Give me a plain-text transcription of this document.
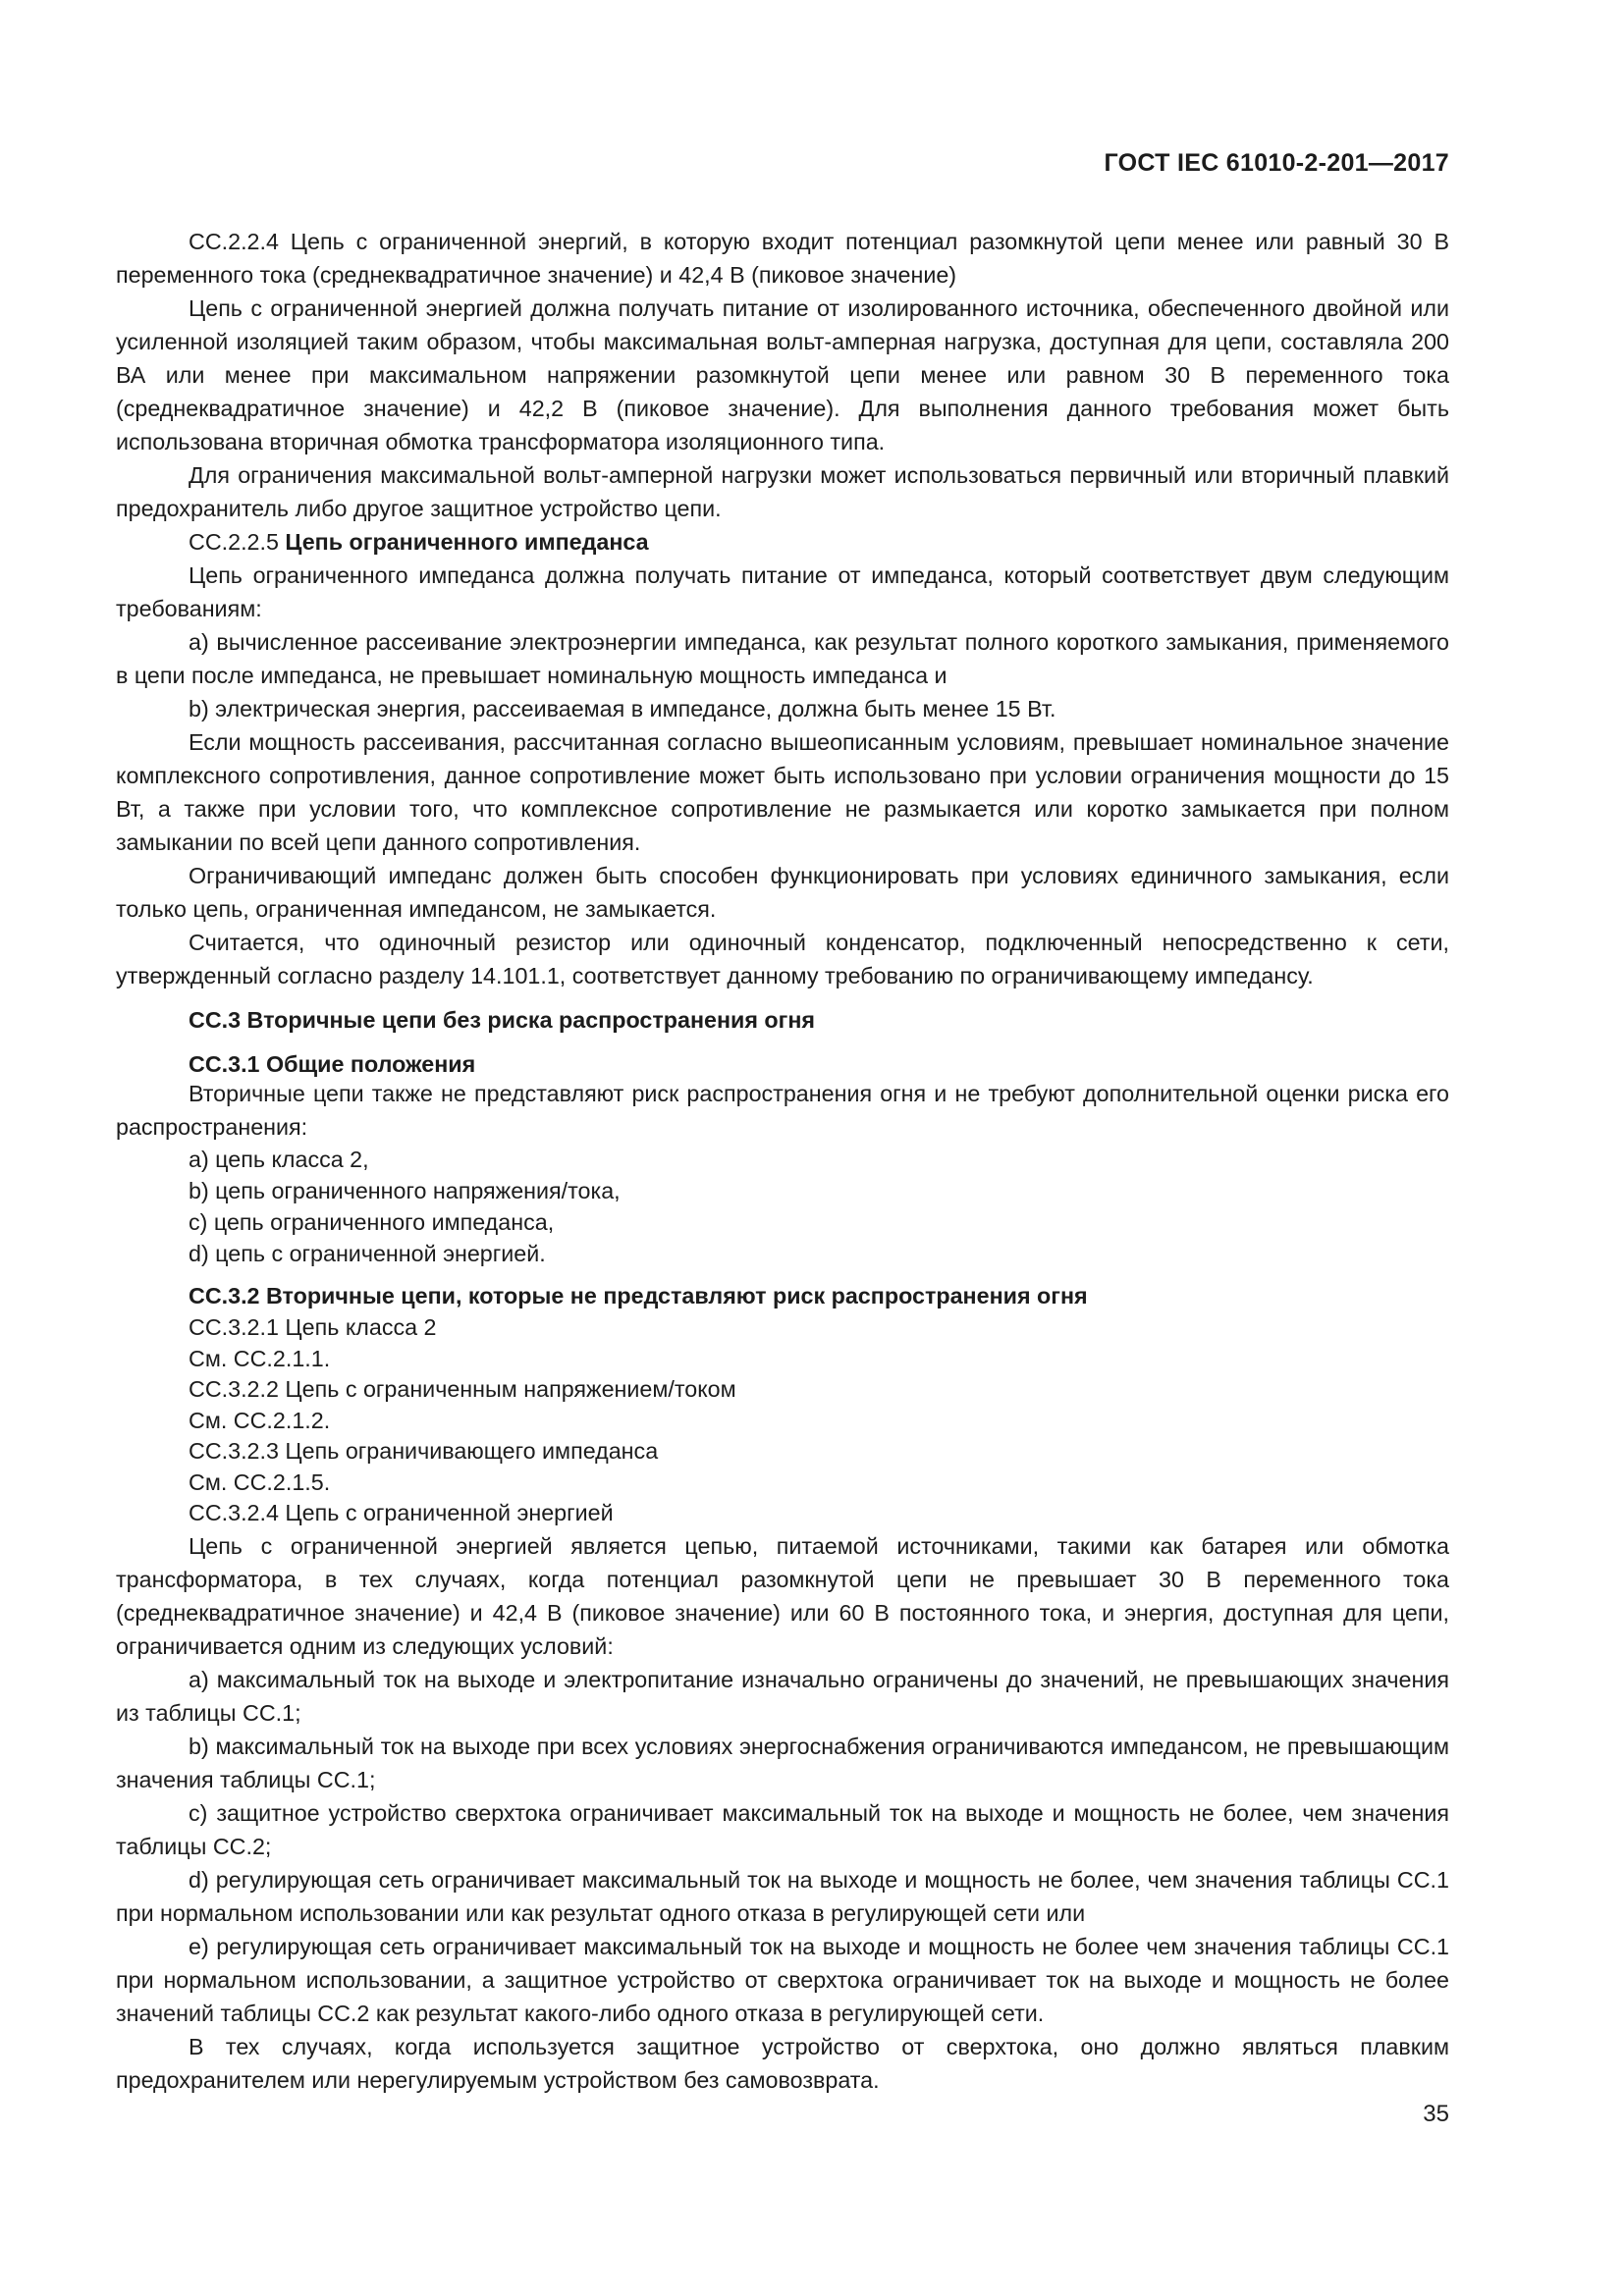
ГОСТ IEC 61010-2-201—2017

СС.2.2.4 Цепь с ограниченной энергий, в которую входит потенциал разомкнутой цепи менее или равный 30 В переменного тока (среднеквадратичное значение) и 42,4 В (пиковое значение)

Цепь с ограниченной энергией должна получать питание от изолированного источника, обеспеченного двойной или усиленной изоляцией таким образом, чтобы максимальная вольт-амперная нагрузка, доступная для цепи, составляла 200 ВА или менее при максимальном напряжении разомкнутой цепи менее или равном 30 В переменного тока (среднеквадратичное значение) и 42,2 В (пиковое значение). Для выполнения данного требования может быть использована вторичная обмотка трансформатора изоляционного типа.

Для ограничения максимальной вольт-амперной нагрузки может использоваться первичный или вторичный плавкий предохранитель либо другое защитное устройство цепи.

СС.2.2.5 Цепь ограниченного импеданса

Цепь ограниченного импеданса должна получать питание от импеданса, который соответствует двум следующим требованиям:

a) вычисленное рассеивание электроэнергии импеданса, как результат полного короткого замыкания, применяемого в цепи после импеданса, не превышает номинальную мощность импеданса и

b) электрическая энергия, рассеиваемая в импедансе, должна быть менее 15 Вт.

Если мощность рассеивания, рассчитанная согласно вышеописанным условиям, превышает номинальное значение комплексного сопротивления, данное сопротивление может быть использовано при условии ограничения мощности до 15 Вт, а также при условии того, что комплексное сопротивление не размыкается или коротко замыкается при полном замыкании по всей цепи данного сопротивления.

Ограничивающий импеданс должен быть способен функционировать при условиях единичного замыкания, если только цепь, ограниченная импедансом, не замыкается.

Считается, что одиночный резистор или одиночный конденсатор, подключенный непосредственно к сети, утвержденный согласно разделу 14.101.1, соответствует данному требованию по ограничивающему импедансу.

СС.3 Вторичные цепи без риска распространения огня

СС.3.1 Общие положения

Вторичные цепи также не представляют риск распространения огня и не требуют дополнительной оценки риска его распространения:

a) цепь класса 2,

b) цепь ограниченного напряжения/тока,

c) цепь ограниченного импеданса,

d) цепь с ограниченной энергией.

СС.3.2 Вторичные цепи, которые не представляют риск распространения огня

СС.3.2.1 Цепь класса 2

См. СС.2.1.1.

СС.3.2.2 Цепь с ограниченным напряжением/током

См. СС.2.1.2.

СС.3.2.3 Цепь ограничивающего импеданса

См. СС.2.1.5.

СС.3.2.4 Цепь с ограниченной энергией

Цепь с ограниченной энергией является цепью, питаемой источниками, такими как батарея или обмотка трансформатора, в тех случаях, когда потенциал разомкнутой цепи не превышает 30 В переменного тока (среднеквадратичное значение) и 42,4 В (пиковое значение) или 60 В постоянного тока, и энергия, доступная для цепи, ограничивается одним из следующих условий:

a) максимальный ток на выходе и электропитание изначально ограничены до значений, не превышающих значения из таблицы СС.1;

b) максимальный ток на выходе при всех условиях энергоснабжения ограничиваются импедансом, не превышающим значения таблицы СС.1;

c) защитное устройство сверхтока ограничивает максимальный ток на выходе и мощность не более, чем значения таблицы СС.2;

d) регулирующая сеть ограничивает максимальный ток на выходе и мощность не более, чем значения таблицы СС.1 при нормальном использовании или как результат одного отказа в регулирующей сети или

e) регулирующая сеть ограничивает максимальный ток на выходе и мощность не более чем значения таблицы СС.1 при нормальном использовании, а защитное устройство от сверхтока ограничивает ток на выходе и мощность не более значений таблицы СС.2 как результат какого-либо одного отказа в регулирующей сети.

В тех случаях, когда используется защитное устройство от сверхтока, оно должно являться плавким предохранителем или нерегулируемым устройством без самовозврата.

35
